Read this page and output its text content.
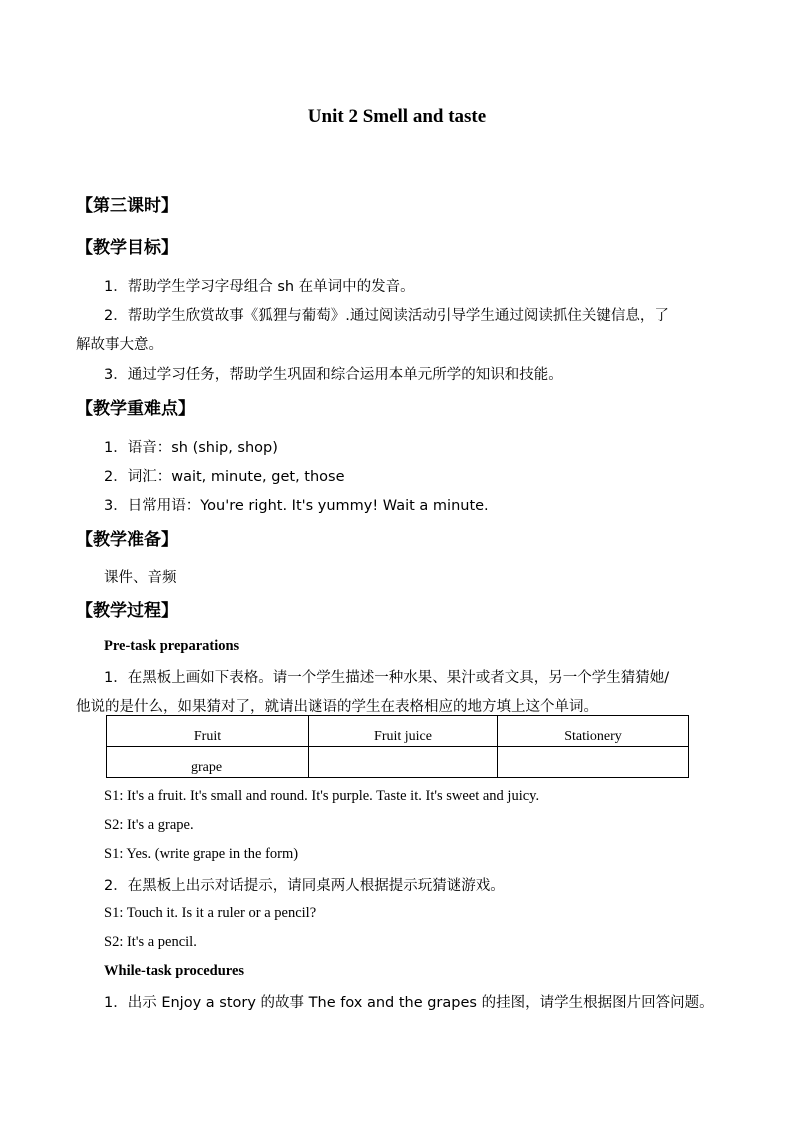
Unit 2 Smell and taste
【第三课时】
【教学目标】
1．帮助学生学习字母组合 sh 在单词中的发音。
2．帮助学生欣赏故事《狐狸与葡萄》.通过阅读活动引导学生通过阅读抓住关键信息，了
解故事大意。
3．通过学习任务，帮助学生巩固和综合运用本单元所学的知识和技能。
【教学重难点】
1．语音：sh (ship, shop)
2．词汇：wait, minute, get, those
3．日常用语：You're right. It's yummy! Wait a minute.
【教学准备】
课件、音频
【教学过程】
Pre-task preparations
1．在黑板上画如下表格。请一个学生描述一种水果、果汁或者文具，另一个学生猜猜她/
他说的是什么，如果猜对了，就请出谜语的学生在表格相应的地方填上这个单词。
Fruit	Fruit juice	Stationery
grape		
S1: It's a fruit. It's small and round. It's purple. Taste it. It's sweet and juicy.
S2: It's a grape.
S1: Yes. (write grape in the form)
2．在黑板上出示对话提示，请同桌两人根据提示玩猜谜游戏。
S1: Touch it. Is it a ruler or a pencil?
S2: It's a pencil.
While-task procedures
1．出示 Enjoy a story 的故事 The fox and the grapes 的挂图，请学生根据图片回答问题。
